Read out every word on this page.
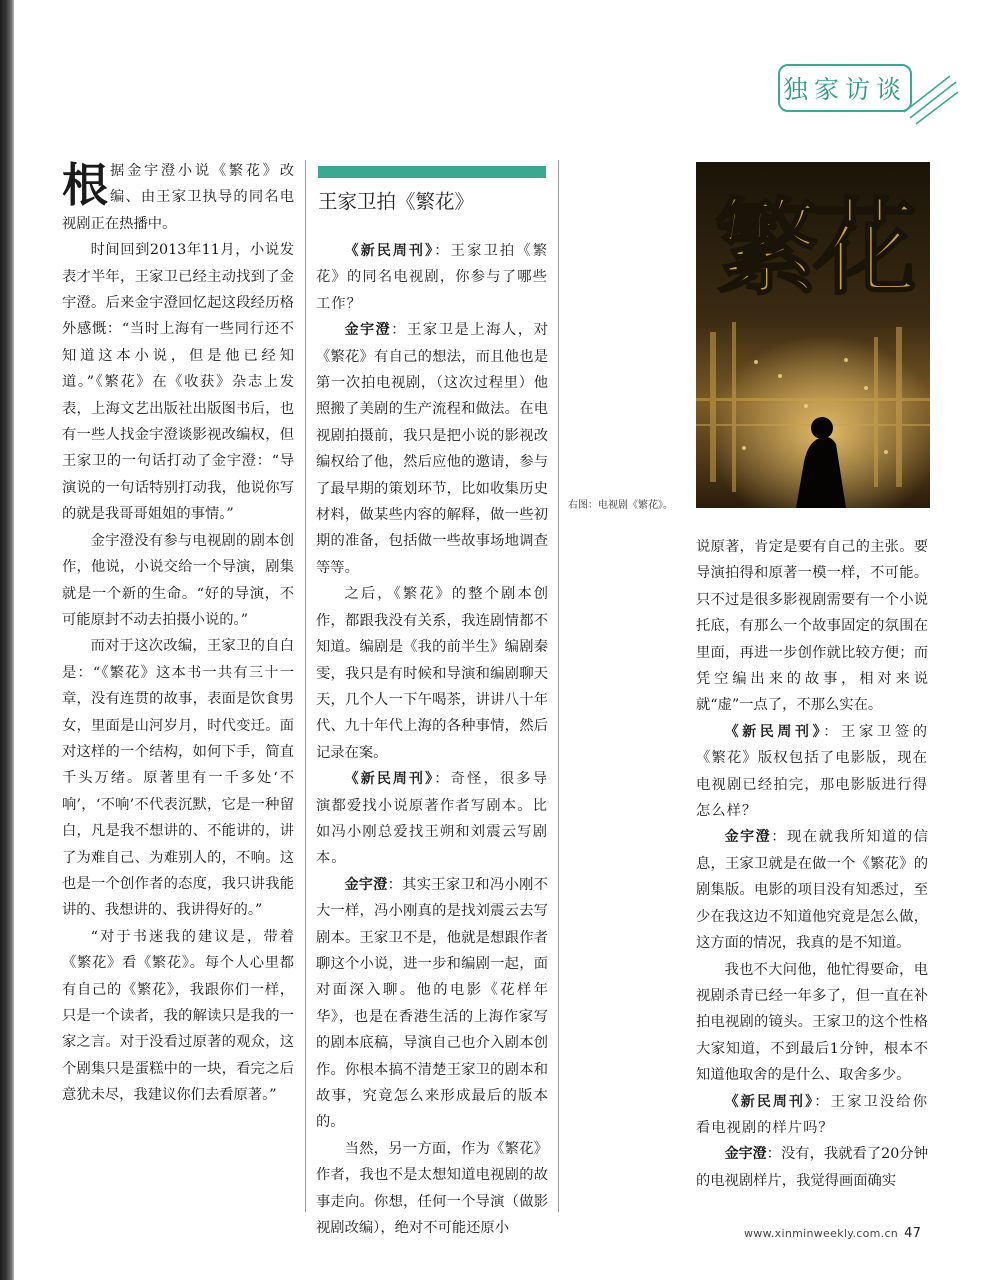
独家访谈

根据金宇澄小说《繁花》改编、由王家卫执导的同名电视剧正在热播中。

时间回到2013年11月，小说发表才半年，王家卫已经主动找到了金宇澄。后来金宇澄回忆起这段经历格外感慨：“当时上海有一些同行还不知道这本小说，但是他已经知道。”《繁花》在《收获》杂志上发表，上海文艺出版社出版图书后，也有一些人找金宇澄谈影视改编权，但王家卫的一句话打动了金宇澄：“导演说的一句话特别打动我，他说你写的就是我哥哥姐姐的事情。”

金宇澄没有参与电视剧的剧本创作，他说，小说交给一个导演，剧集就是一个新的生命。“好的导演，不可能原封不动去拍摄小说的。”

而对于这次改编，王家卫的自白是：“《繁花》这本书一共有三十一章，没有连贯的故事，表面是饮食男女，里面是山河岁月，时代变迁。面对这样的一个结构，如何下手，简直千头万绪。原著里有一千多处‘不响’，‘不响’不代表沉默，它是一种留白，凡是我不想讲的、不能讲的，讲了为难自己、为难别人的，不响。这也是一个创作者的态度，我只讲我能讲的、我想讲的、我讲得好的。”

“对于书迷我的建议是，带着《繁花》看《繁花》。每个人心里都有自己的《繁花》，我跟你们一样，只是一个读者，我的解读只是我的一家之言。对于没看过原著的观众，这个剧集只是蛋糕中的一块，看完之后意犹未尽，我建议你们去看原著。”

王家卫拍《繁花》

《新民周刊》：王家卫拍《繁花》的同名电视剧，你参与了哪些工作？

金宇澄：王家卫是上海人，对《繁花》有自己的想法，而且他也是第一次拍电视剧，（这次过程里）他照搬了美剧的生产流程和做法。在电视剧拍摄前，我只是把小说的影视改编权给了他，然后应他的邀请，参与了最早期的策划环节，比如收集历史材料，做某些内容的解释，做一些初期的准备，包括做一些故事场地调查等等。

之后，《繁花》的整个剧本创作，都跟我没有关系，我连剧情都不知道。编剧是《我的前半生》编剧秦雯，我只是有时候和导演和编剧聊天天，几个人一下午喝茶，讲讲八十年代、九十年代上海的各种事情，然后记录在案。

《新民周刊》：奇怪，很多导演都爱找小说原著作者写剧本。比如冯小刚总爱找王朔和刘震云写剧本。

金宇澄：其实王家卫和冯小刚不大一样，冯小刚真的是找刘震云去写剧本。王家卫不是，他就是想跟作者聊这个小说，进一步和编剧一起，面对面深入聊。他的电影《花样年华》，也是在香港生活的上海作家写的剧本底稿，导演自己也介入剧本创作。你根本搞不清楚王家卫的剧本和故事，究竟怎么来形成最后的版本的。

当然，另一方面，作为《繁花》作者，我也不是太想知道电视剧的故事走向。你想，任何一个导演（做影视剧改编），绝对不可能还原小

繁花
右图：电视剧《繁花》。

说原著，肯定是要有自己的主张。要导演拍得和原著一模一样，不可能。只不过是很多影视剧需要有一个小说托底，有那么一个故事固定的氛围在里面，再进一步创作就比较方便；而凭空编出来的故事，相对来说就“虚”一点了，不那么实在。

《新民周刊》：王家卫签的《繁花》版权包括了电影版，现在电视剧已经拍完，那电影版进行得怎么样？

金宇澄：现在就我所知道的信息，王家卫就是在做一个《繁花》的剧集版。电影的项目没有知悉过，至少在我这边不知道他究竟是怎么做，这方面的情况，我真的是不知道。

我也不大问他，他忙得要命，电视剧杀青已经一年多了，但一直在补拍电视剧的镜头。王家卫的这个性格大家知道，不到最后1分钟，根本不知道他取舍的是什么、取舍多少。

《新民周刊》：王家卫没给你看电视剧的样片吗？

金宇澄：没有，我就看了20分钟的电视剧样片，我觉得画面确实

www.xinminweekly.com.cn 47
